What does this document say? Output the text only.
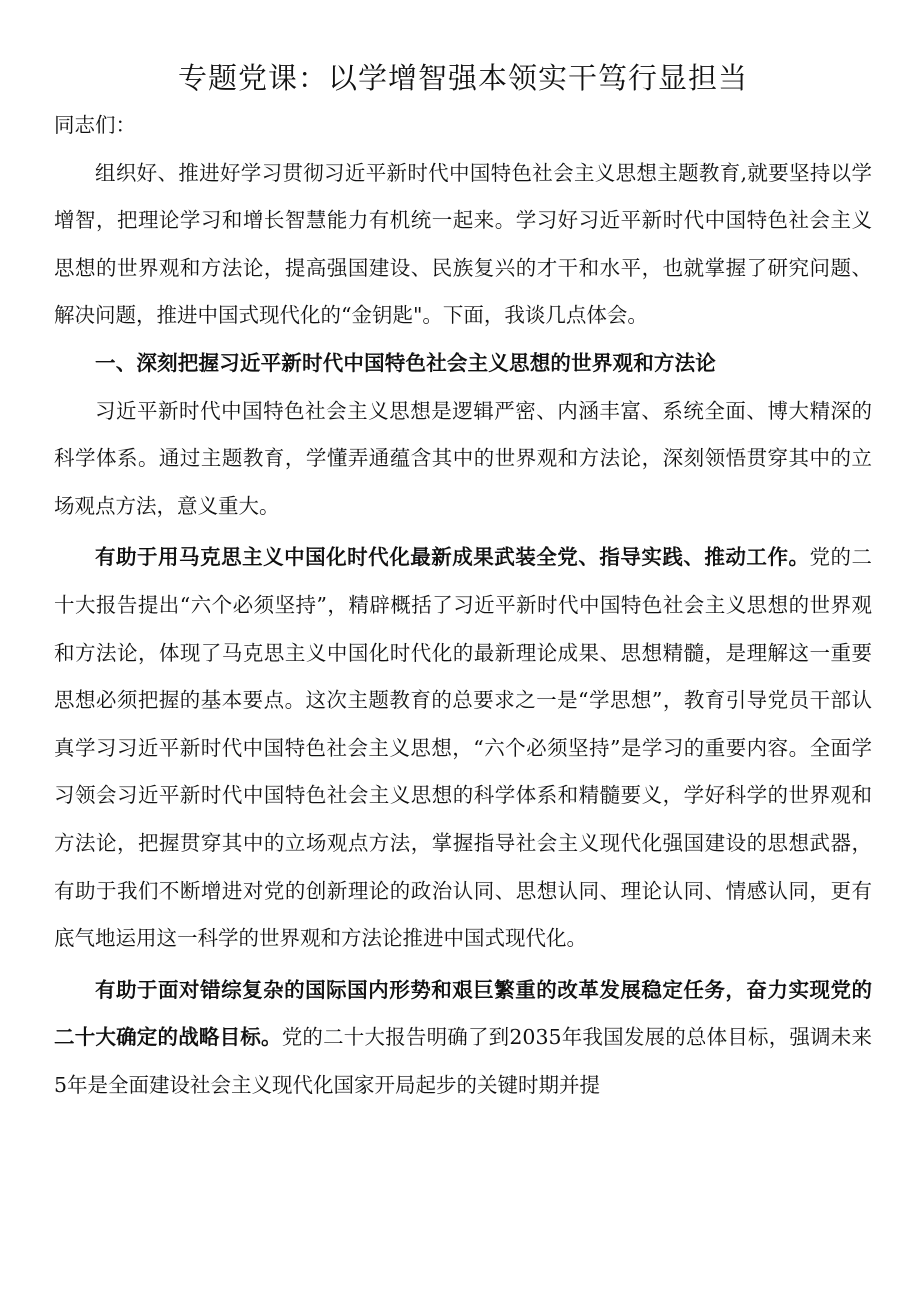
专题党课：以学增智强本领实干笃行显担当

同志们：

组织好、推进好学习贯彻习近平新时代中国特色社会主义思想主题教育,就要坚持以学增智，把理论学习和增长智慧能力有机统一起来。学习好习近平新时代中国特色社会主义思想的世界观和方法论，提高强国建设、民族复兴的才干和水平，也就掌握了研究问题、解决问题，推进中国式现代化的“金钥匙"。下面，我谈几点体会。

一、深刻把握习近平新时代中国特色社会主义思想的世界观和方法论

习近平新时代中国特色社会主义思想是逻辑严密、内涵丰富、系统全面、博大精深的科学体系。通过主题教育，学懂弄通蕴含其中的世界观和方法论，深刻领悟贯穿其中的立场观点方法，意义重大。

有助于用马克思主义中国化时代化最新成果武装全党、指导实践、推动工作。党的二十大报告提出“六个必须坚持”，精辟概括了习近平新时代中国特色社会主义思想的世界观和方法论，体现了马克思主义中国化时代化的最新理论成果、思想精髓，是理解这一重要思想必须把握的基本要点。这次主题教育的总要求之一是“学思想”，教育引导党员干部认真学习习近平新时代中国特色社会主义思想，“六个必须坚持”是学习的重要内容。全面学习领会习近平新时代中国特色社会主义思想的科学体系和精髓要义，学好科学的世界观和方法论，把握贯穿其中的立场观点方法，掌握指导社会主义现代化强国建设的思想武器，有助于我们不断增进对党的创新理论的政治认同、思想认同、理论认同、情感认同，更有底气地运用这一科学的世界观和方法论推进中国式现代化。

有助于面对错综复杂的国际国内形势和艰巨繁重的改革发展稳定任务，奋力实现党的二十大确定的战略目标。党的二十大报告明确了到2035年我国发展的总体目标，强调未来5年是全面建设社会主义现代化国家开局起步的关键时期并提
